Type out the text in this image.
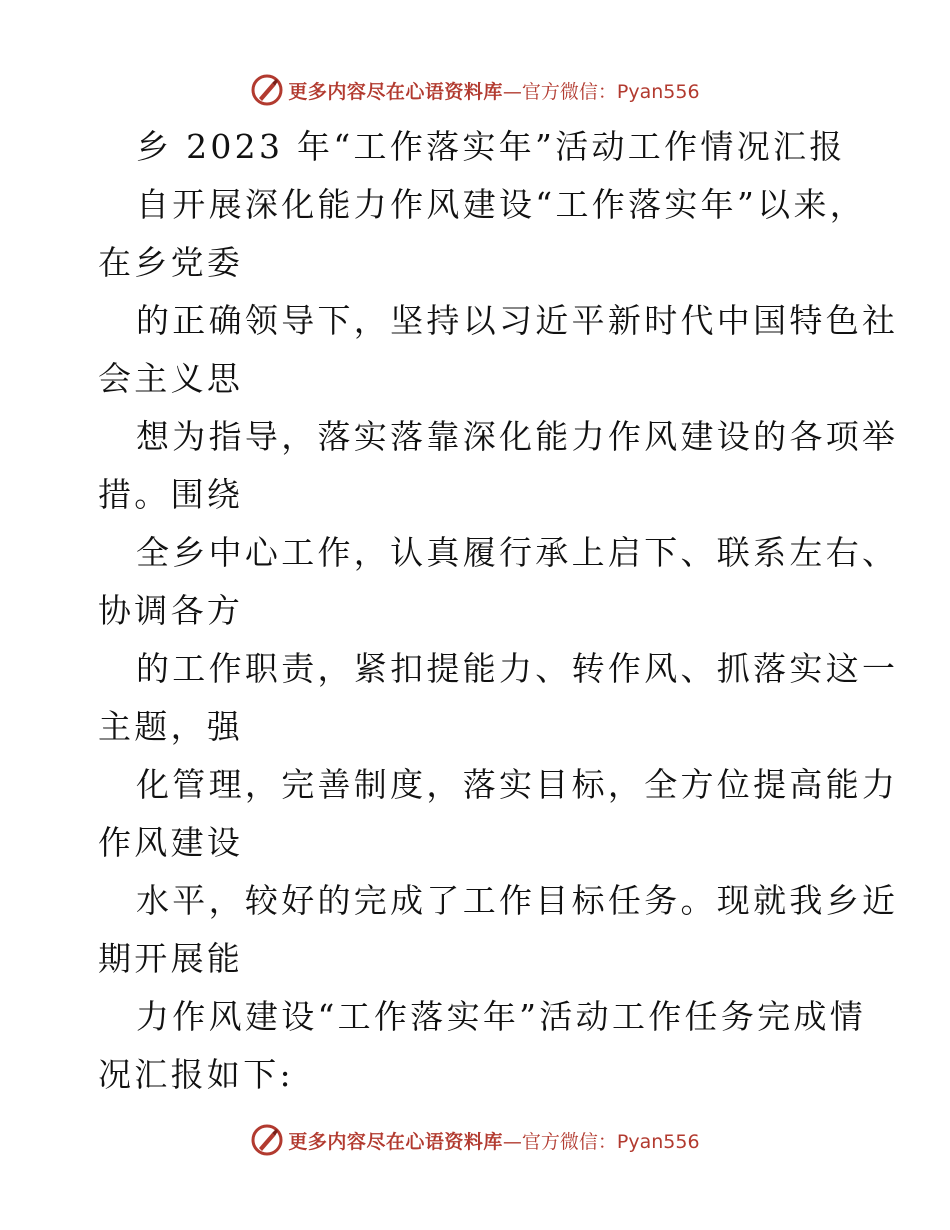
更多内容尽在心语资料库 —官方微信：Pyan556
乡 2023 年“工作落实年”活动工作情况汇报
自开展深化能力作风建设“工作落实年”以来，
在乡党委
的正确领导下，坚持以习近平新时代中国特色社
会主义思
想为指导，落实落靠深化能力作风建设的各项举
措。围绕
全乡中心工作，认真履行承上启下、联系左右、
协调各方
的工作职责，紧扣提能力、转作风、抓落实这一
主题，强
化管理，完善制度，落实目标，全方位提高能力
作风建设
水平，较好的完成了工作目标任务。现就我乡近
期开展能
力作风建设“工作落实年”活动工作任务完成情
况汇报如下:
更多内容尽在心语资料库 —官方微信：Pyan556
